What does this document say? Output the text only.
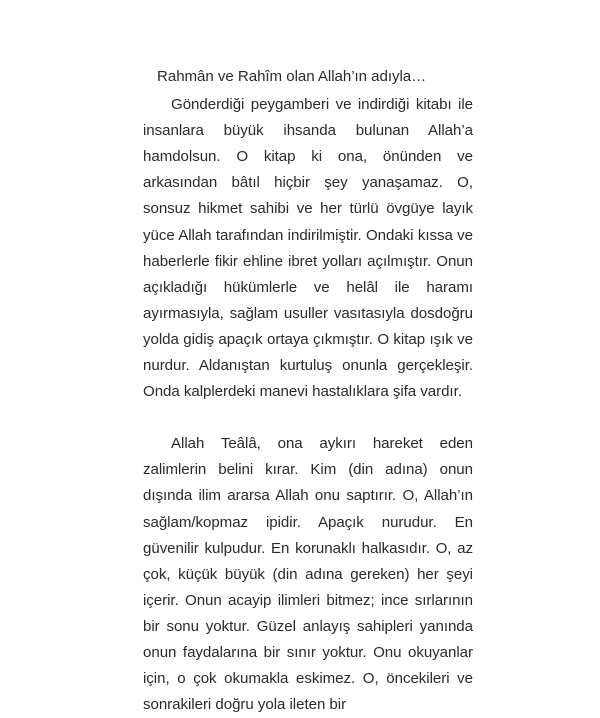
Rahmân ve Rahîm olan Allah’ın adıyla…

Gönderdiği peygamberi ve indirdiği kitabı ile insanlara büyük ihsanda bulunan Allah’a hamdolsun. O kitap ki ona, önünden ve arkasından bâtıl hiçbir şey yanaşamaz. O, sonsuz hikmet sahibi ve her türlü övgüye layık yüce Allah tarafından indirilmiştir. Ondaki kıssa ve haberlerle fikir ehline ibret yolları açılmıştır. Onun açıkladığı hükümlerle ve helâl ile haramı ayırmasıyla, sağlam usuller vasıtasıyla dosdoğru yolda gidiş apaçık ortaya çıkmıştır. O kitap ışık ve nurdur. Aldanıştan kurtuluş onunla gerçekleşir. Onda kalplerdeki manevi hastalıklara şifa vardır.

Allah Teâlâ, ona aykırı hareket eden zalimlerin belini kırar. Kim (din adına) onun dışında ilim ararsa Allah onu saptırır. O, Allah’ın sağlam/kopmaz ipidir. Apaçık nurudur. En güvenilir kulpudur. En korunaklı halkasıdır. O, az çok, küçük büyük (din adına gereken) her şeyi içerir. Onun acayip ilimleri bitmez; ince sırlarının bir sonu yoktur. Güzel anlayış sahipleri yanında onun faydalarına bir sınır yoktur. Onu okuyanlar için, o çok okumakla eskimez. O, öncekileri ve sonrakileri doğru yola ileten bir
